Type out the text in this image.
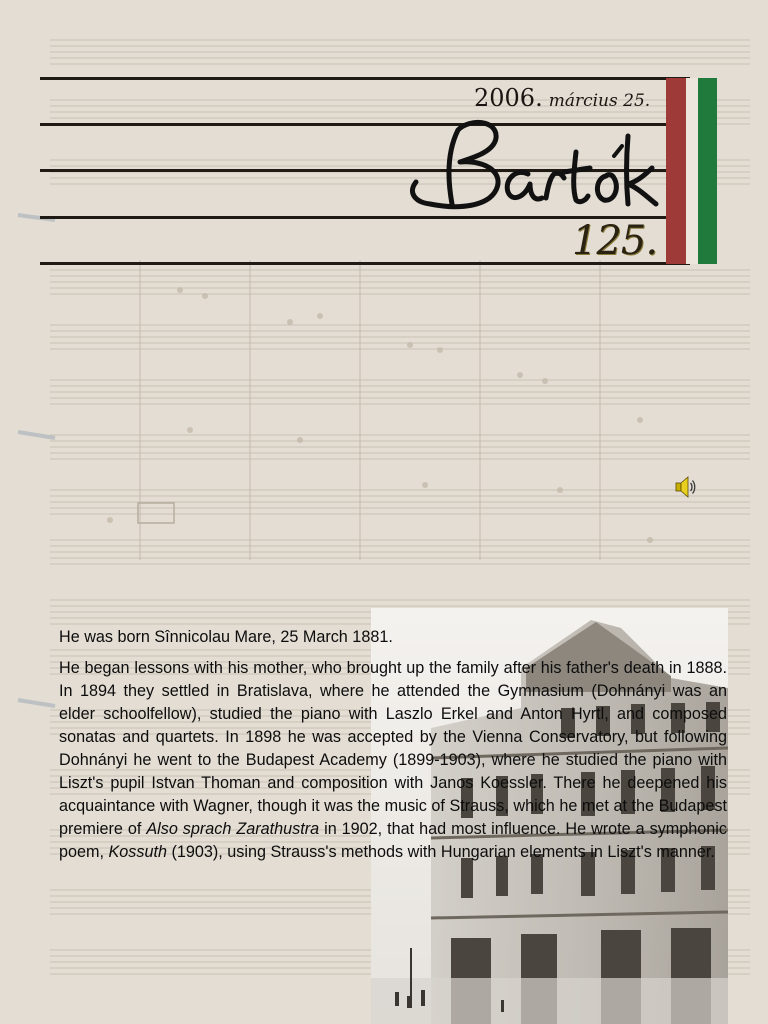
2006. március 25.
125.

He was born Sînnicolau Mare, 25 March 1881.

He began lessons with his mother, who brought up the family after his father's death in 1888. In 1894 they settled in Bratislava, where he attended the Gymnasium (Dohnányi was an elder schoolfellow), studied the piano with Laszlo Erkel and Anton Hyrtl, and composed sonatas and quartets. In 1898 he was accepted by the Vienna Conservatory, but following Dohnányi he went to the Budapest Academy (1899-1903), where he studied the piano with Liszt's pupil Istvan Thoman and composition with Janos Koessler. There he deepened his acquaintance with Wagner, though it was the music of Strauss, which he met at the Budapest premiere of Also sprach Zarathustra in 1902, that had most influence. He wrote a symphonic poem, Kossuth (1903), using Strauss's methods with Hungarian elements in Liszt's manner.
